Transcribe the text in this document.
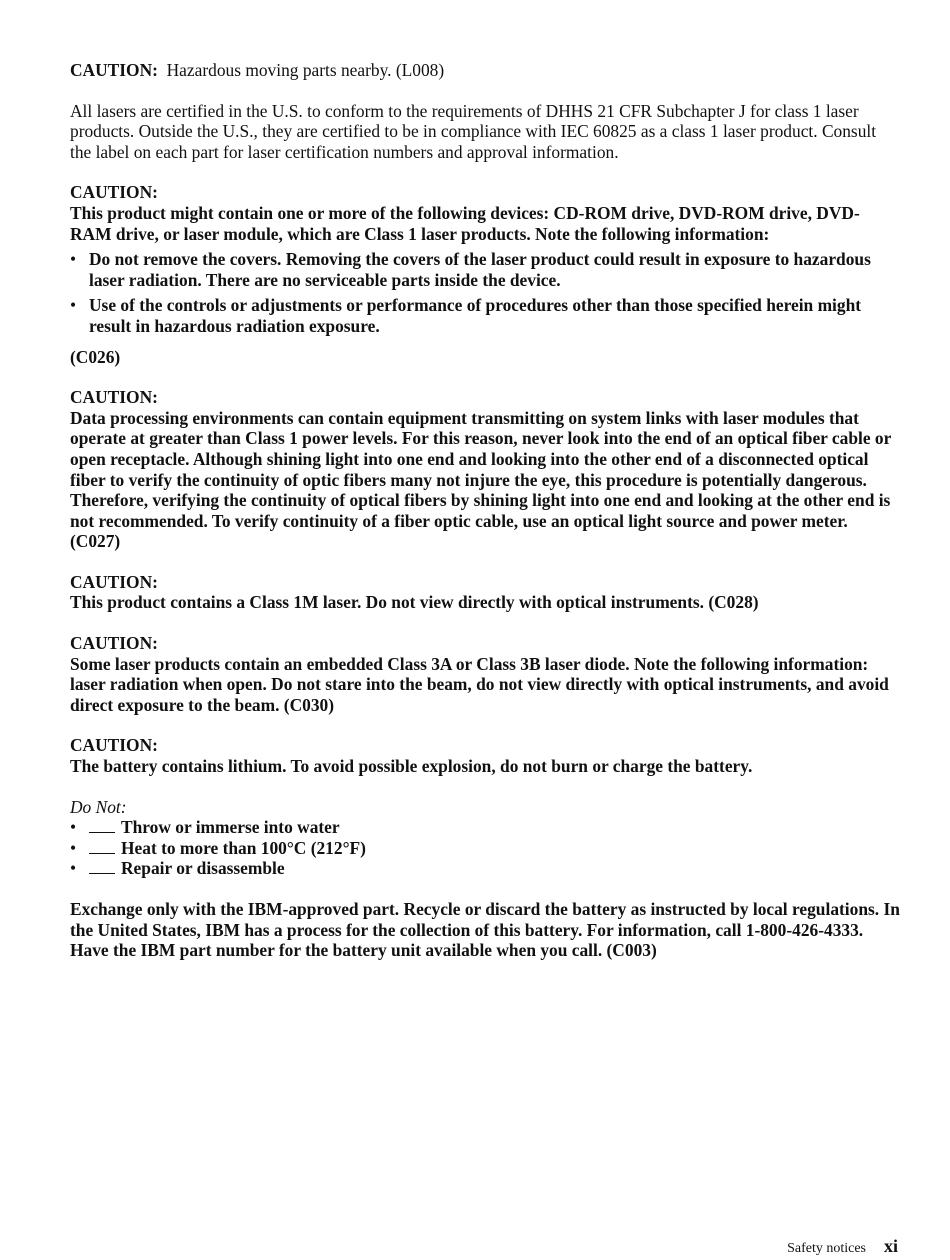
CAUTION: Hazardous moving parts nearby. (L008)

All lasers are certified in the U.S. to conform to the requirements of DHHS 21 CFR Subchapter J for class 1 laser products. Outside the U.S., they are certified to be in compliance with IEC 60825 as a class 1 laser product. Consult the label on each part for laser certification numbers and approval information.

CAUTION:

This product might contain one or more of the following devices: CD-ROM drive, DVD-ROM drive, DVD-RAM drive, or laser module, which are Class 1 laser products. Note the following information:

• Do not remove the covers. Removing the covers of the laser product could result in exposure to hazardous laser radiation. There are no serviceable parts inside the device.
• Use of the controls or adjustments or performance of procedures other than those specified herein might result in hazardous radiation exposure.

(C026)

CAUTION:

Data processing environments can contain equipment transmitting on system links with laser modules that operate at greater than Class 1 power levels. For this reason, never look into the end of an optical fiber cable or open receptacle. Although shining light into one end and looking into the other end of a disconnected optical fiber to verify the continuity of optic fibers many not injure the eye, this procedure is potentially dangerous. Therefore, verifying the continuity of optical fibers by shining light into one end and looking at the other end is not recommended. To verify continuity of a fiber optic cable, use an optical light source and power meter. (C027)

CAUTION:

This product contains a Class 1M laser. Do not view directly with optical instruments. (C028)

CAUTION:

Some laser products contain an embedded Class 3A or Class 3B laser diode. Note the following information: laser radiation when open. Do not stare into the beam, do not view directly with optical instruments, and avoid direct exposure to the beam. (C030)

CAUTION:

The battery contains lithium. To avoid possible explosion, do not burn or charge the battery.

Do Not:

• Throw or immerse into water
• Heat to more than 100°C (212°F)
• Repair or disassemble

Exchange only with the IBM-approved part. Recycle or discard the battery as instructed by local regulations. In the United States, IBM has a process for the collection of this battery. For information, call 1-800-426-4333. Have the IBM part number for the battery unit available when you call. (C003)

Safety notices xi
